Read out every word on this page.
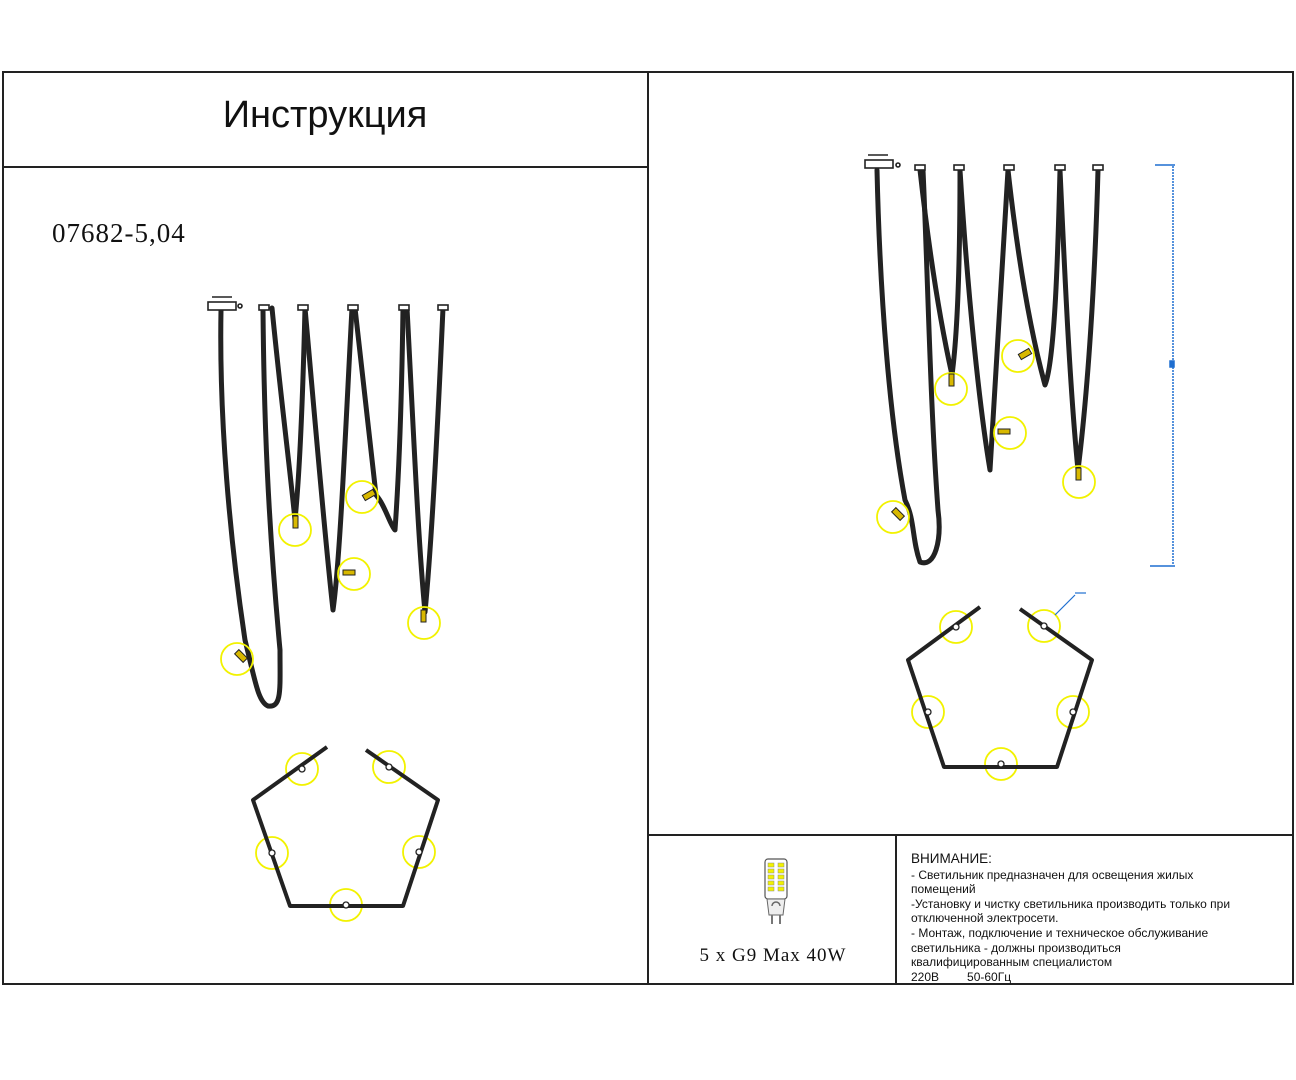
Инструкция
07682-5,04
5 x G9 Max 40W
ВНИМАНИЕ:
- Светильник предназначен для освещения жилых
помещений
-Установку и чистку светильника производить только при
отключенной электросети.
- Монтаж, подключение и техническое обслуживание
светильника - должны производиться
квалифицированным специалистом
220В 50-60Гц
